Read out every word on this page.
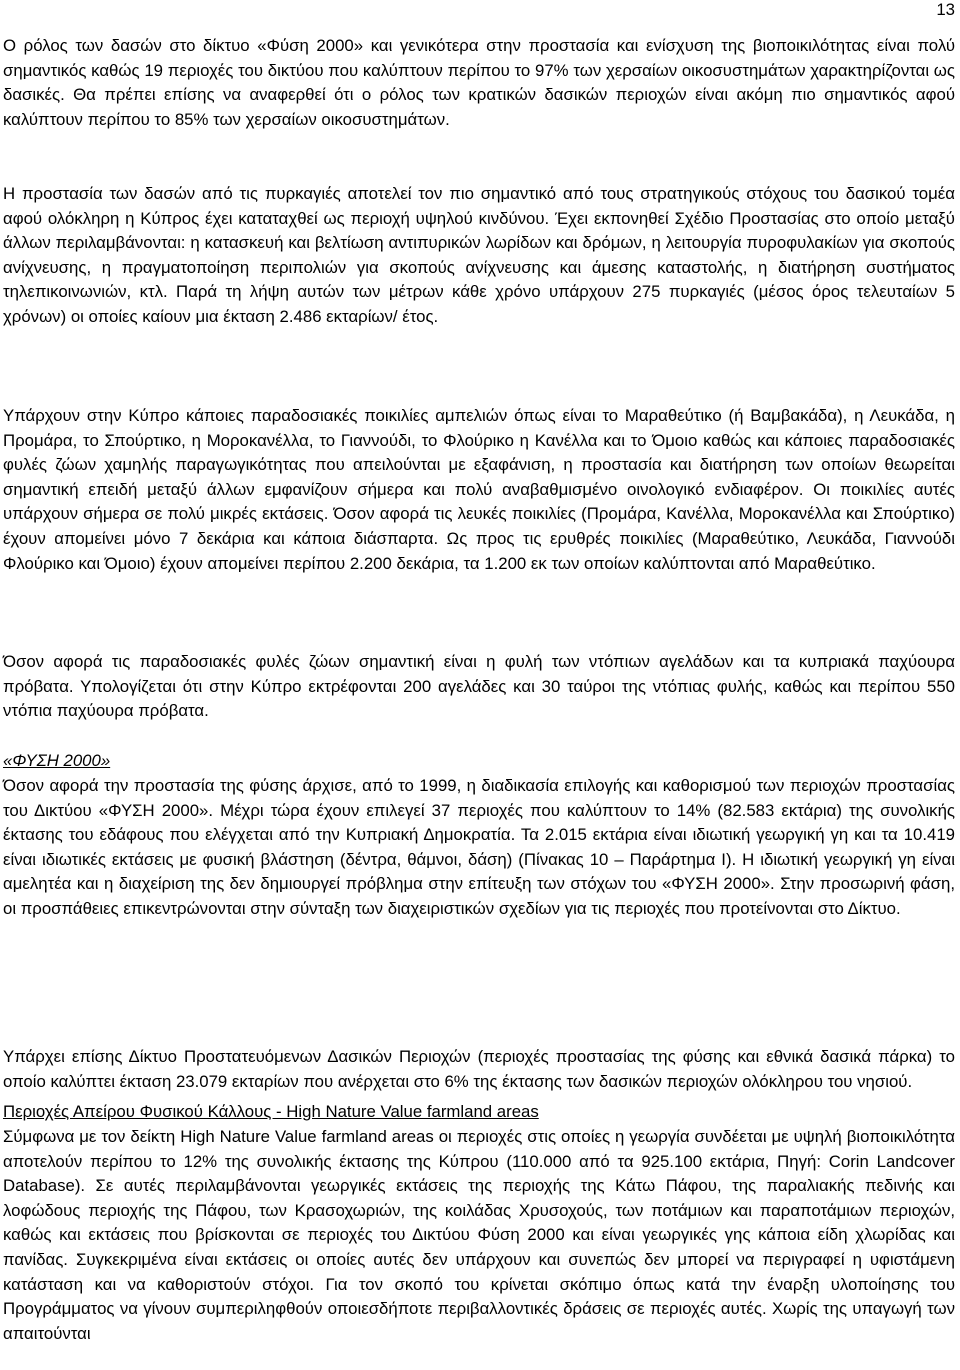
13

Ο ρόλος των δασών στο δίκτυο «Φύση 2000» και γενικότερα στην προστασία και ενίσχυση της βιοποικιλότητας είναι πολύ σημαντικός καθώς 19 περιοχές του δικτύου που καλύπτουν περίπου το 97% των χερσαίων οικοσυστημάτων χαρακτηρίζονται ως δασικές. Θα πρέπει επίσης να αναφερθεί ότι ο ρόλος των κρατικών δασικών περιοχών είναι ακόμη πιο σημαντικός αφού καλύπτουν περίπου το 85% των χερσαίων οικοσυστημάτων.

Η προστασία των δασών από τις πυρκαγιές αποτελεί τον πιο σημαντικό από τους στρατηγικούς στόχους του δασικού τομέα αφού ολόκληρη η Κύπρος έχει καταταχθεί ως περιοχή υψηλού κινδύνου. Έχει εκπονηθεί Σχέδιο Προστασίας στο οποίο μεταξύ άλλων περιλαμβάνονται: η κατασκευή και βελτίωση αντιπυρικών λωρίδων και δρόμων, η λειτουργία πυροφυλακίων για σκοπούς ανίχνευσης, η πραγματοποίηση περιπολιών για σκοπούς ανίχνευσης και άμεσης καταστολής, η διατήρηση συστήματος τηλεπικοινωνιών, κτλ. Παρά τη λήψη αυτών των μέτρων κάθε χρόνο υπάρχουν 275 πυρκαγιές (μέσος όρος τελευταίων 5 χρόνων) οι οποίες καίουν μια έκταση 2.486 εκταρίων/ έτος.

Υπάρχουν στην Κύπρο κάποιες παραδοσιακές ποικιλίες αμπελιών όπως είναι το Μαραθεύτικο (ή Βαμβακάδα), η Λευκάδα, η Προμάρα, το Σπούρτικο, η Μοροκανέλλα, το Γιαννούδι, το Φλούρικο η Κανέλλα και το Όμοιο καθώς και κάποιες παραδοσιακές φυλές ζώων χαμηλής παραγωγικότητας που απειλούνται με εξαφάνιση, η προστασία και διατήρηση των οποίων θεωρείται σημαντική επειδή μεταξύ άλλων εμφανίζουν σήμερα και πολύ αναβαθμισμένο οινολογικό ενδιαφέρον. Οι ποικιλίες αυτές υπάρχουν σήμερα σε πολύ μικρές εκτάσεις. Όσον αφορά τις λευκές ποικιλίες (Προμάρα, Κανέλλα, Μοροκανέλλα και Σπούρτικο) έχουν απομείνει μόνο 7 δεκάρια και κάποια διάσπαρτα. Ως προς τις ερυθρές ποικιλίες (Μαραθεύτικο, Λευκάδα, Γιαννούδι Φλούρικο και Όμοιο) έχουν απομείνει περίπου 2.200 δεκάρια, τα 1.200 εκ των οποίων καλύπτονται από Μαραθεύτικο.

Όσον αφορά τις παραδοσιακές φυλές ζώων σημαντική είναι η φυλή των ντόπιων αγελάδων και τα κυπριακά παχύουρα πρόβατα. Υπολογίζεται ότι στην Κύπρο εκτρέφονται 200 αγελάδες και 30 ταύροι της ντόπιας φυλής, καθώς και περίπου 550 ντόπια παχύουρα πρόβατα.

«ΦΥΣΗ 2000»

Όσον αφορά την προστασία της φύσης άρχισε, από το 1999, η διαδικασία επιλογής και καθορισμού των περιοχών προστασίας του Δικτύου «ΦΥΣΗ 2000». Μέχρι τώρα έχουν επιλεγεί 37 περιοχές που καλύπτουν το 14% (82.583 εκτάρια) της συνολικής έκτασης του εδάφους που ελέγχεται από την Κυπριακή Δημοκρατία. Τα 2.015 εκτάρια είναι ιδιωτική γεωργική γη και τα 10.419 είναι ιδιωτικές εκτάσεις με φυσική βλάστηση (δέντρα, θάμνοι, δάση) (Πίνακας 10 – Παράρτημα Ι). Η ιδιωτική γεωργική γη είναι αμελητέα και η διαχείριση της δεν δημιουργεί πρόβλημα στην επίτευξη των στόχων του «ΦΥΣΗ 2000». Στην προσωρινή φάση, οι προσπάθειες επικεντρώνονται στην σύνταξη των διαχειριστικών σχεδίων για τις περιοχές που προτείνονται στο Δίκτυο.

Υπάρχει επίσης Δίκτυο Προστατευόμενων Δασικών Περιοχών (περιοχές προστασίας της φύσης και εθνικά δασικά πάρκα) το οποίο καλύπτει έκταση 23.079 εκταρίων που ανέρχεται στο 6% της έκτασης των δασικών περιοχών ολόκληρου του νησιού.

Περιοχές Απείρου Φυσικού Κάλλους - High Nature Value farmland areas

Σύμφωνα με τον δείκτη High Nature Value farmland areas οι περιοχές στις οποίες η γεωργία συνδέεται με υψηλή βιοποικιλότητα αποτελούν περίπου το 12% της συνολικής έκτασης της Κύπρου (110.000 από τα 925.100 εκτάρια, Πηγή: Corin Landcover Database). Σε αυτές περιλαμβάνονται γεωργικές εκτάσεις της περιοχής της Κάτω Πάφου, της παραλιακής πεδινής και λοφώδους περιοχής της Πάφου, των Κρασοχωριών, της κοιλάδας Χρυσοχούς, των ποτάμιων και παραποτάμιων περιοχών, καθώς και εκτάσεις που βρίσκονται σε περιοχές του Δικτύου Φύση 2000 και είναι γεωργικές γης κάποια είδη χλωρίδας και πανίδας. Συγκεκριμένα είναι εκτάσεις οι οποίες αυτές δεν υπάρχουν και συνεπώς δεν μπορεί να περιγραφεί η υφιστάμενη κατάσταση και να καθοριστούν στόχοι. Για τον σκοπό του κρίνεται σκόπιμο όπως κατά την έναρξη υλοποίησης του Προγράμματος να γίνουν συμπεριληφθούν οποιεσδήποτε περιβαλλοντικές δράσεις σε περιοχές αυτές. Χωρίς της υπαγωγή των απαιτούνται
